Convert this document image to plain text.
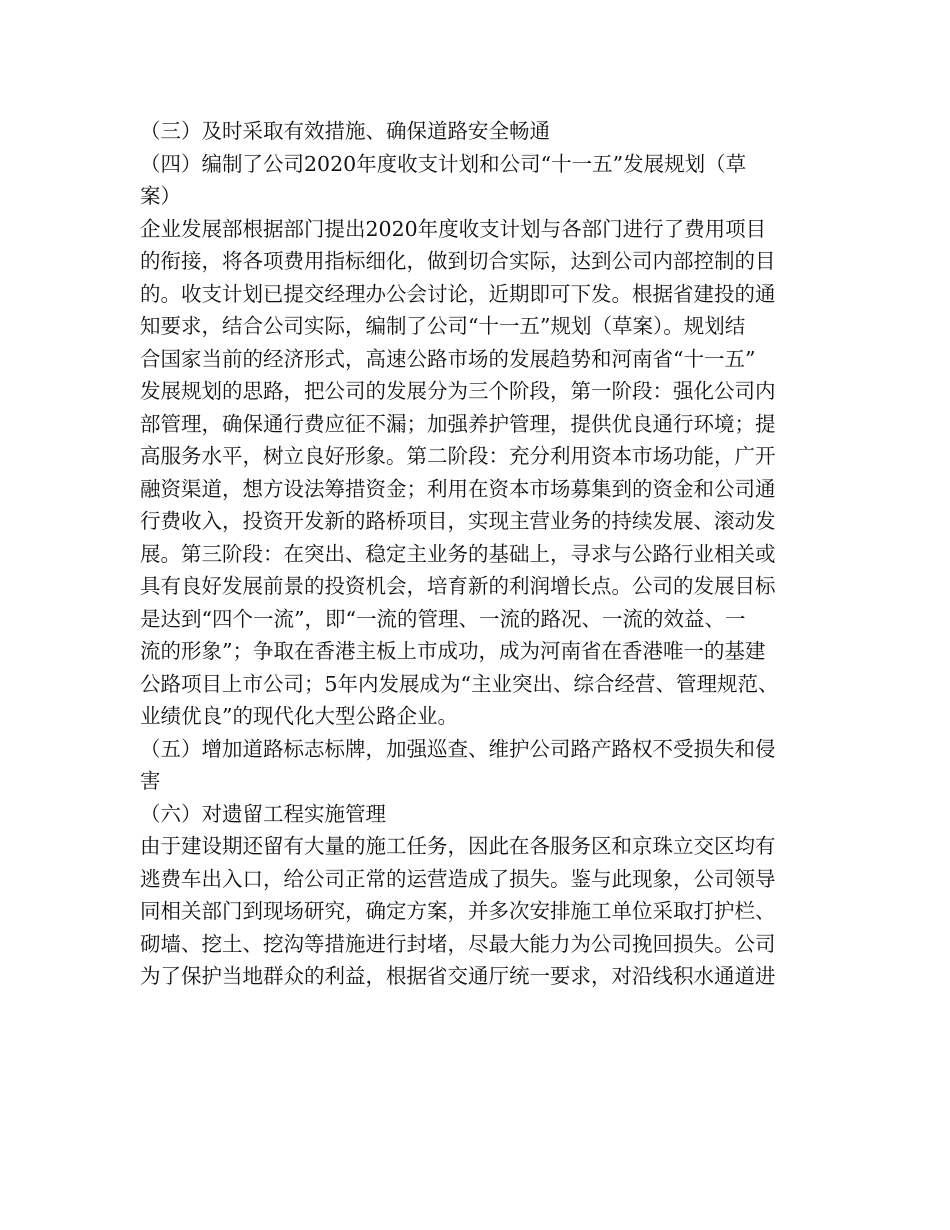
（三）及时采取有效措施、确保道路安全畅通
（四）编制了公司2020年度收支计划和公司“十一五”发展规划（草
案）
企业发展部根据部门提出2020年度收支计划与各部门进行了费用项目
的衔接，将各项费用指标细化，做到切合实际，达到公司内部控制的目
的。收支计划已提交经理办公会讨论，近期即可下发。根据省建投的通
知要求，结合公司实际，编制了公司“十一五”规划（草案）。规划结
合国家当前的经济形式，高速公路市场的发展趋势和河南省“十一五”
发展规划的思路，把公司的发展分为三个阶段，第一阶段：强化公司内
部管理，确保通行费应征不漏；加强养护管理，提供优良通行环境；提
高服务水平，树立良好形象。第二阶段：充分利用资本市场功能，广开
融资渠道，想方设法筹措资金；利用在资本市场募集到的资金和公司通
行费收入，投资开发新的路桥项目，实现主营业务的持续发展、滚动发
展。第三阶段：在突出、稳定主业务的基础上，寻求与公路行业相关或
具有良好发展前景的投资机会，培育新的利润增长点。公司的发展目标
是达到“四个一流”，即“一流的管理、一流的路况、一流的效益、一
流的形象”；争取在香港主板上市成功，成为河南省在香港唯一的基建
公路项目上市公司；5年内发展成为“主业突出、综合经营、管理规范、
业绩优良”的现代化大型公路企业。
（五）增加道路标志标牌，加强巡查、维护公司路产路权不受损失和侵
害
（六）对遗留工程实施管理
由于建设期还留有大量的施工任务，因此在各服务区和京珠立交区均有
逃费车出入口，给公司正常的运营造成了损失。鉴与此现象，公司领导
同相关部门到现场研究，确定方案，并多次安排施工单位采取打护栏、
砌墙、挖土、挖沟等措施进行封堵，尽最大能力为公司挽回损失。公司
为了保护当地群众的利益，根据省交通厅统一要求，对沿线积水通道进
